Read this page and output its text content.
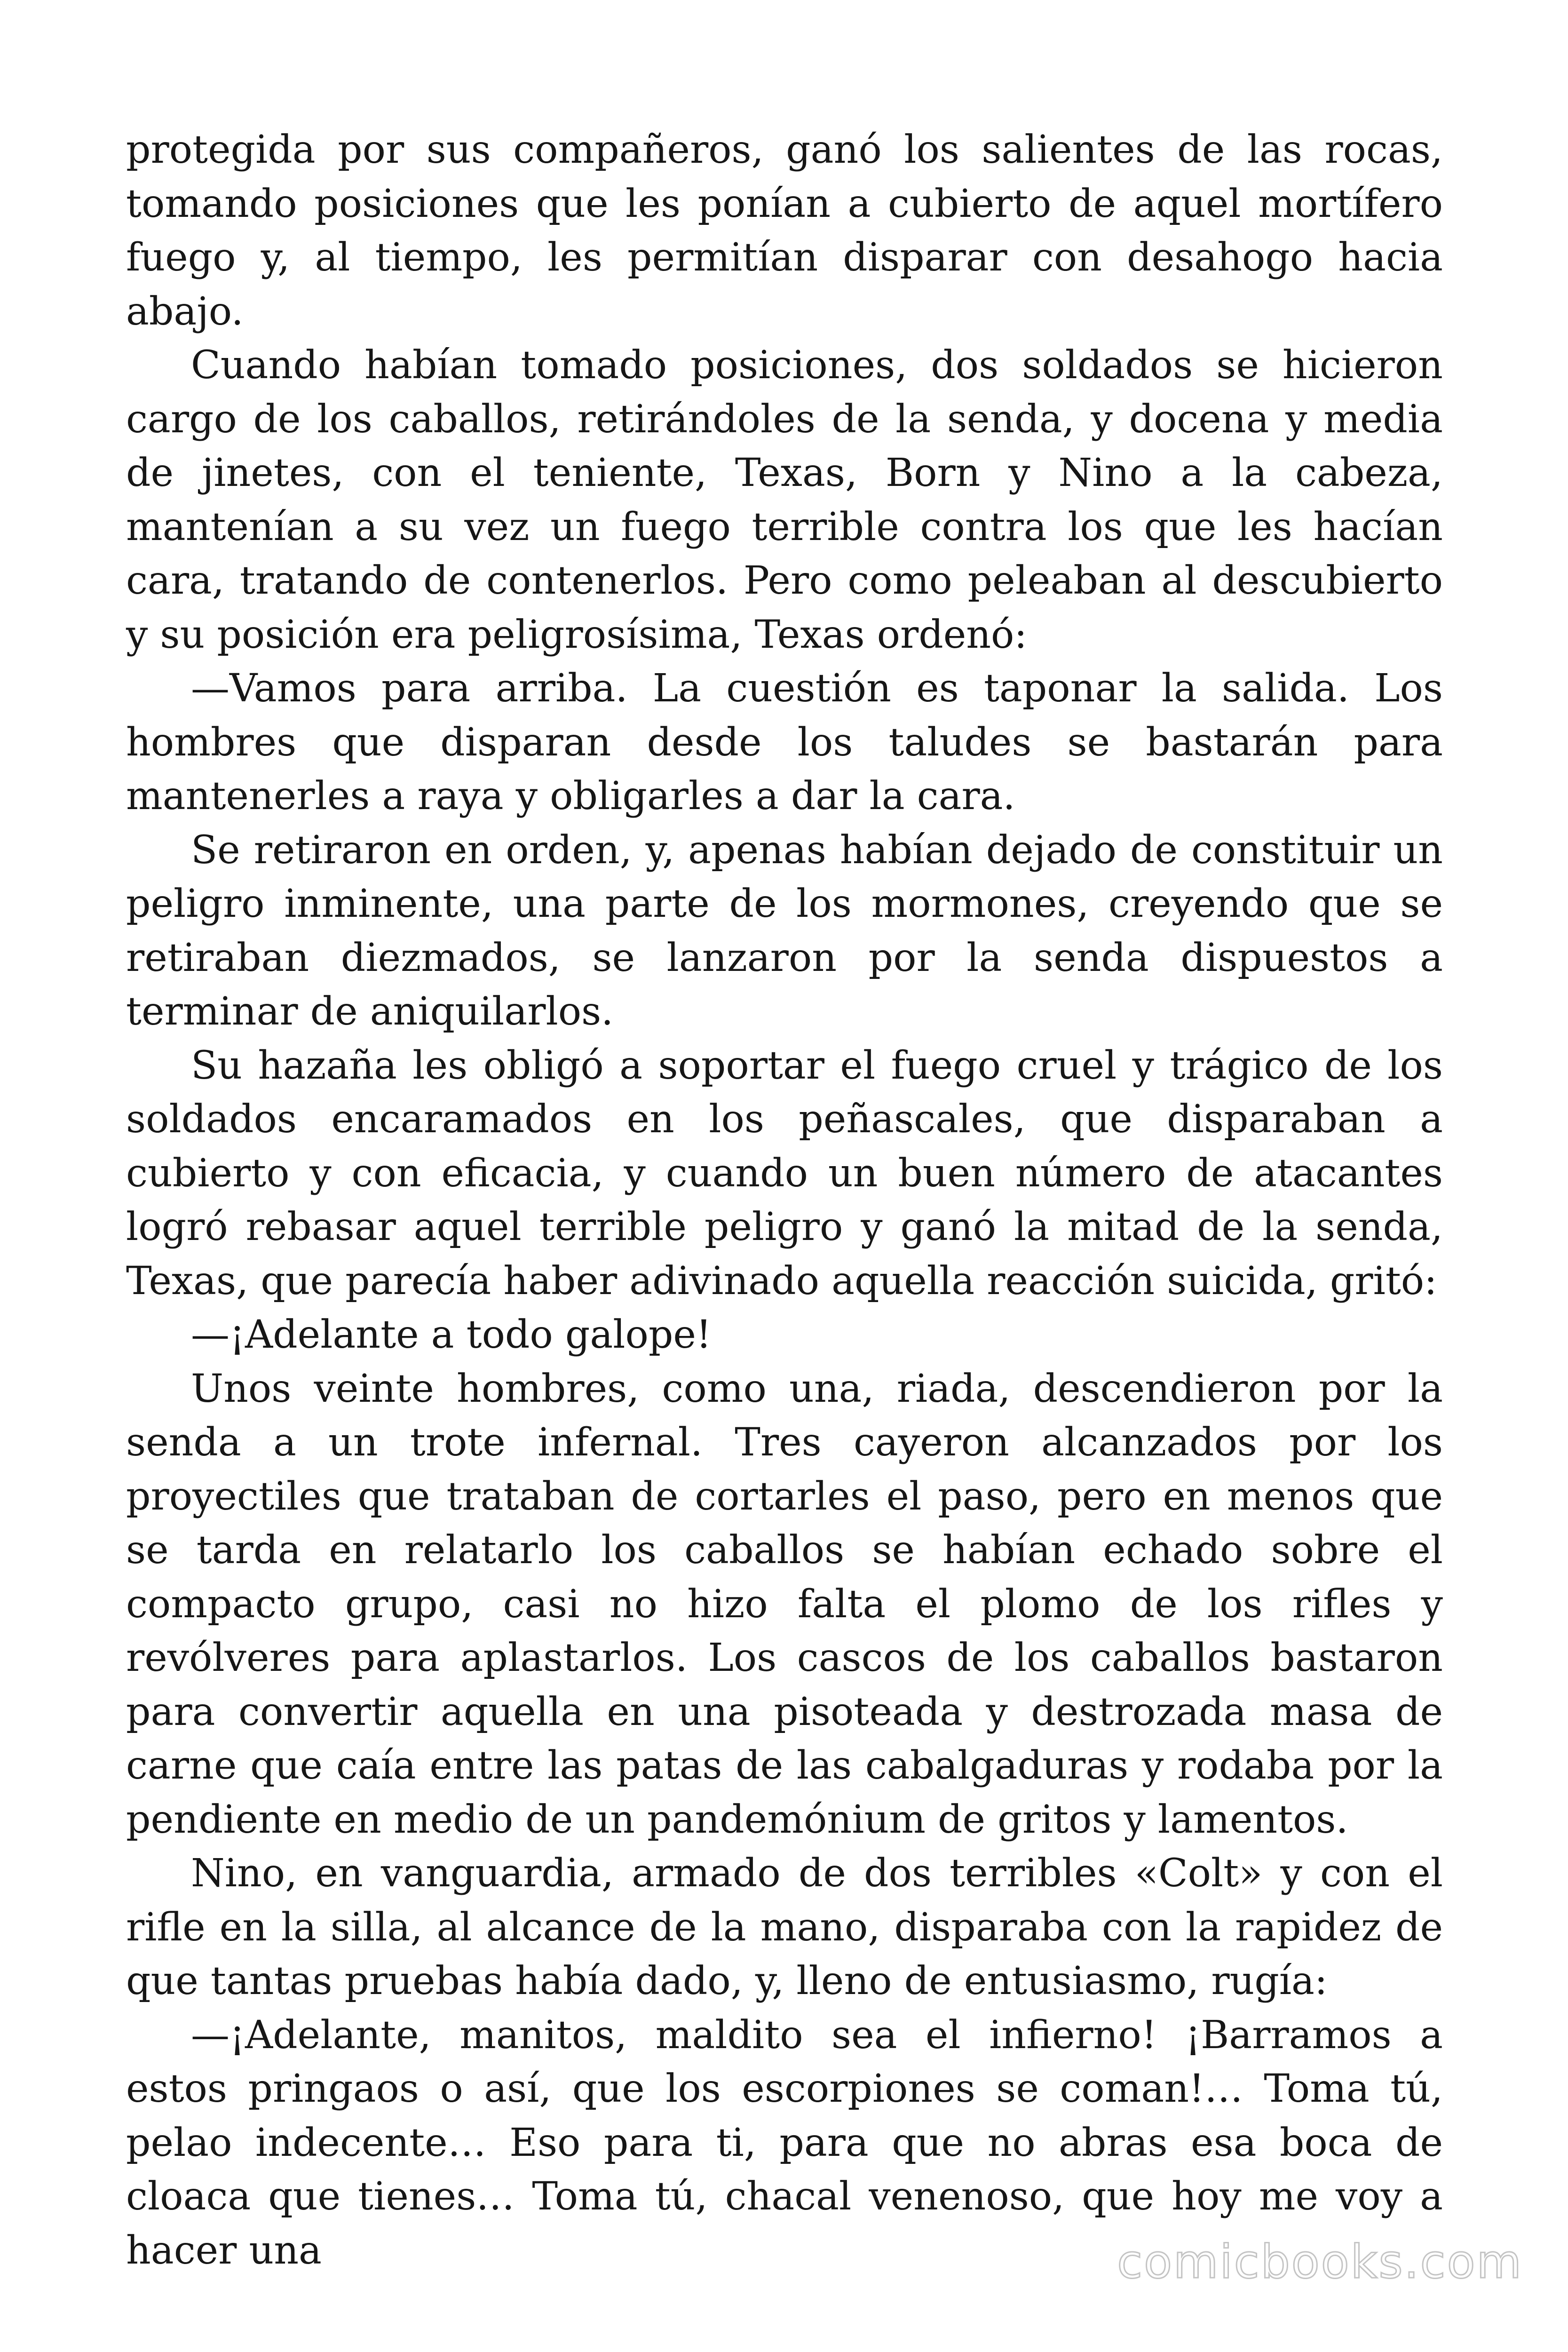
protegida por sus compañeros, ganó los salientes de las rocas, tomando posiciones que les ponían a cubierto de aquel mortífero fuego y, al tiempo, les permitían disparar con desahogo hacia abajo.

Cuando habían tomado posiciones, dos soldados se hicieron cargo de los caballos, retirándoles de la senda, y docena y media de jinetes, con el teniente, Texas, Born y Nino a la cabeza, mantenían a su vez un fuego terrible contra los que les hacían cara, tratando de contenerlos. Pero como peleaban al descubierto y su posición era peligrosísima, Texas ordenó:

—Vamos para arriba. La cuestión es taponar la salida. Los hombres que disparan desde los taludes se bastarán para mantenerles a raya y obligarles a dar la cara.

Se retiraron en orden, y, apenas habían dejado de constituir un peligro inminente, una parte de los mormones, creyendo que se retiraban diezmados, se lanzaron por la senda dispuestos a terminar de aniquilarlos.

Su hazaña les obligó a soportar el fuego cruel y trágico de los soldados encaramados en los peñascales, que disparaban a cubierto y con eficacia, y cuando un buen número de atacantes logró rebasar aquel terrible peligro y ganó la mitad de la senda, Texas, que parecía haber adivinado aquella reacción suicida, gritó:

—¡Adelante a todo galope!

Unos veinte hombres, como una, riada, descendieron por la senda a un trote infernal. Tres cayeron alcanzados por los proyectiles que trataban de cortarles el paso, pero en menos que se tarda en relatarlo los caballos se habían echado sobre el compacto grupo, casi no hizo falta el plomo de los rifles y revólveres para aplastarlos. Los cascos de los caballos bastaron para convertir aquella en una pisoteada y destrozada masa de carne que caía entre las patas de las cabalgaduras y rodaba por la pendiente en medio de un pandemónium de gritos y lamentos.

Nino, en vanguardia, armado de dos terribles «Colt» y con el rifle en la silla, al alcance de la mano, disparaba con la rapidez de que tantas pruebas había dado, y, lleno de entusiasmo, rugía:

—¡Adelante, manitos, maldito sea el infierno! ¡Barramos a estos pringaos o así, que los escorpiones se coman!… Toma tú, pelao indecente… Eso para ti, para que no abras esa boca de cloaca que tienes… Toma tú, chacal venenoso, que hoy me voy a hacer una	comicbooks.com
